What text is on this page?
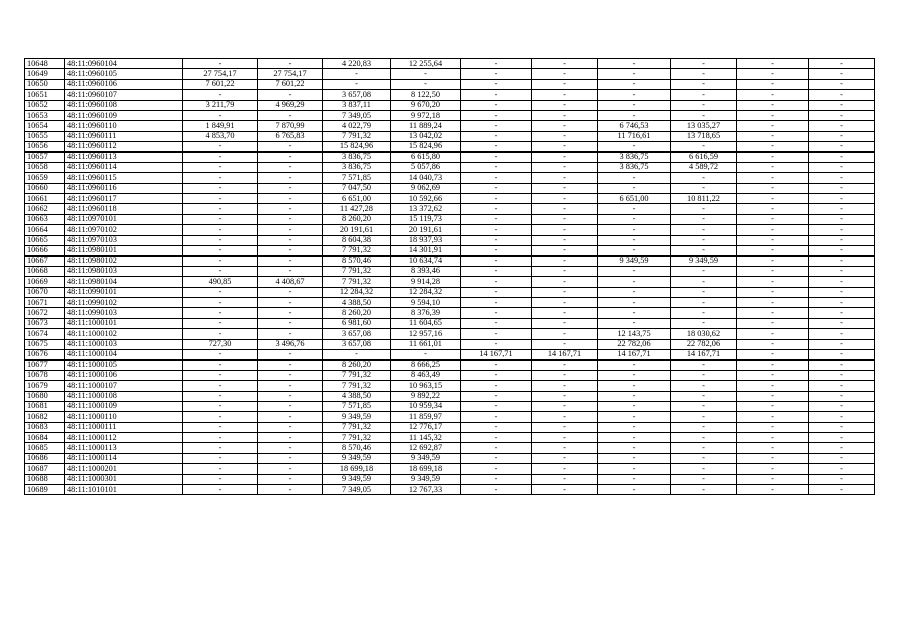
10648	48:11:0960104	-	-	4 220,83	12 255,64	-	-	-	-	-	-
10649	48:11:0960105	27 754,17	27 754,17	-	-	-	-	-	-	-	-
10650	48:11:0960106	7 601,22	7 601,22	-	-	-	-	-	-	-	-
10651	48:11:0960107	-	-	3 657,08	8 122,50	-	-	-	-	-	-
10652	48:11:0960108	3 211,79	4 969,29	3 837,11	9 670,20	-	-	-	-	-	-
10653	48:11:0960109	-	-	7 349,05	9 972,18	-	-	-	-	-	-
10654	48:11:0960110	1 849,91	7 870,99	4 022,79	11 889,24	-	-	6 746,53	13 035,27	-	-
10655	48:11:0960111	4 853,70	6 765,83	7 791,32	13 042,02	-	-	11 716,61	13 718,65	-	-
10656	48:11:0960112	-	-	15 824,96	15 824,96	-	-	-	-	-	-
10657	48:11:0960113	-	-	3 836,75	6 615,80	-	-	3 836,75	6 616,59	-	-
10658	48:11:0960114	-	-	3 836,75	5 057,86	-	-	3 836,75	4 589,72	-	-
10659	48:11:0960115	-	-	7 571,85	14 040,73	-	-	-	-	-	-
10660	48:11:0960116	-	-	7 047,50	9 062,69	-	-	-	-	-	-
10661	48:11:0960117	-	-	6 651,00	10 592,66	-	-	6 651,00	10 811,22	-	-
10662	48:11:0960118	-	-	11 427,28	13 372,62	-	-	-	-	-	-
10663	48:11:0970101	-	-	8 260,20	15 119,73	-	-	-	-	-	-
10664	48:11:0970102	-	-	20 191,61	20 191,61	-	-	-	-	-	-
10665	48:11:0970103	-	-	8 604,38	18 937,93	-	-	-	-	-	-
10666	48:11:0980101	-	-	7 791,32	14 301,91	-	-	-	-	-	-
10667	48:11:0980102	-	-	8 570,46	10 634,74	-	-	9 349,59	9 349,59	-	-
10668	48:11:0980103	-	-	7 791,32	8 393,46	-	-	-	-	-	-
10669	48:11:0980104	490,85	4 408,67	7 791,32	9 914,28	-	-	-	-	-	-
10670	48:11:0990101	-	-	12 284,32	12 284,32	-	-	-	-	-	-
10671	48:11:0990102	-	-	4 388,50	9 594,10	-	-	-	-	-	-
10672	48:11:0990103	-	-	8 260,20	8 376,39	-	-	-	-	-	-
10673	48:11:1000101	-	-	6 981,60	11 604,65	-	-	-	-	-	-
10674	48:11:1000102	-	-	3 657,08	12 957,16	-	-	12 143,75	18 030,62	-	-
10675	48:11:1000103	727,30	3 496,76	3 657,08	11 661,01	-	-	22 782,06	22 782,06	-	-
10676	48:11:1000104	-	-	-	-	14 167,71	14 167,71	14 167,71	14 167,71	-	-
10677	48:11:1000105	-	-	8 260,20	8 666,25	-	-	-	-	-	-
10678	48:11:1000106	-	-	7 791,32	8 463,49	-	-	-	-	-	-
10679	48:11:1000107	-	-	7 791,32	10 963,15	-	-	-	-	-	-
10680	48:11:1000108	-	-	4 388,50	9 892,22	-	-	-	-	-	-
10681	48:11:1000109	-	-	7 571,85	10 959,34	-	-	-	-	-	-
10682	48:11:1000110	-	-	9 349,59	11 859,97	-	-	-	-	-	-
10683	48:11:1000111	-	-	7 791,32	12 776,17	-	-	-	-	-	-
10684	48:11:1000112	-	-	7 791,32	11 145,32	-	-	-	-	-	-
10685	48:11:1000113	-	-	8 570,46	12 692,87	-	-	-	-	-	-
10686	48:11:1000114	-	-	9 349,59	9 349,59	-	-	-	-	-	-
10687	48:11:1000201	-	-	18 699,18	18 699,18	-	-	-	-	-	-
10688	48:11:1000301	-	-	9 349,59	9 349,59	-	-	-	-	-	-
10689	48:11:1010101	-	-	7 349,05	12 767,33	-	-	-	-	-	-
